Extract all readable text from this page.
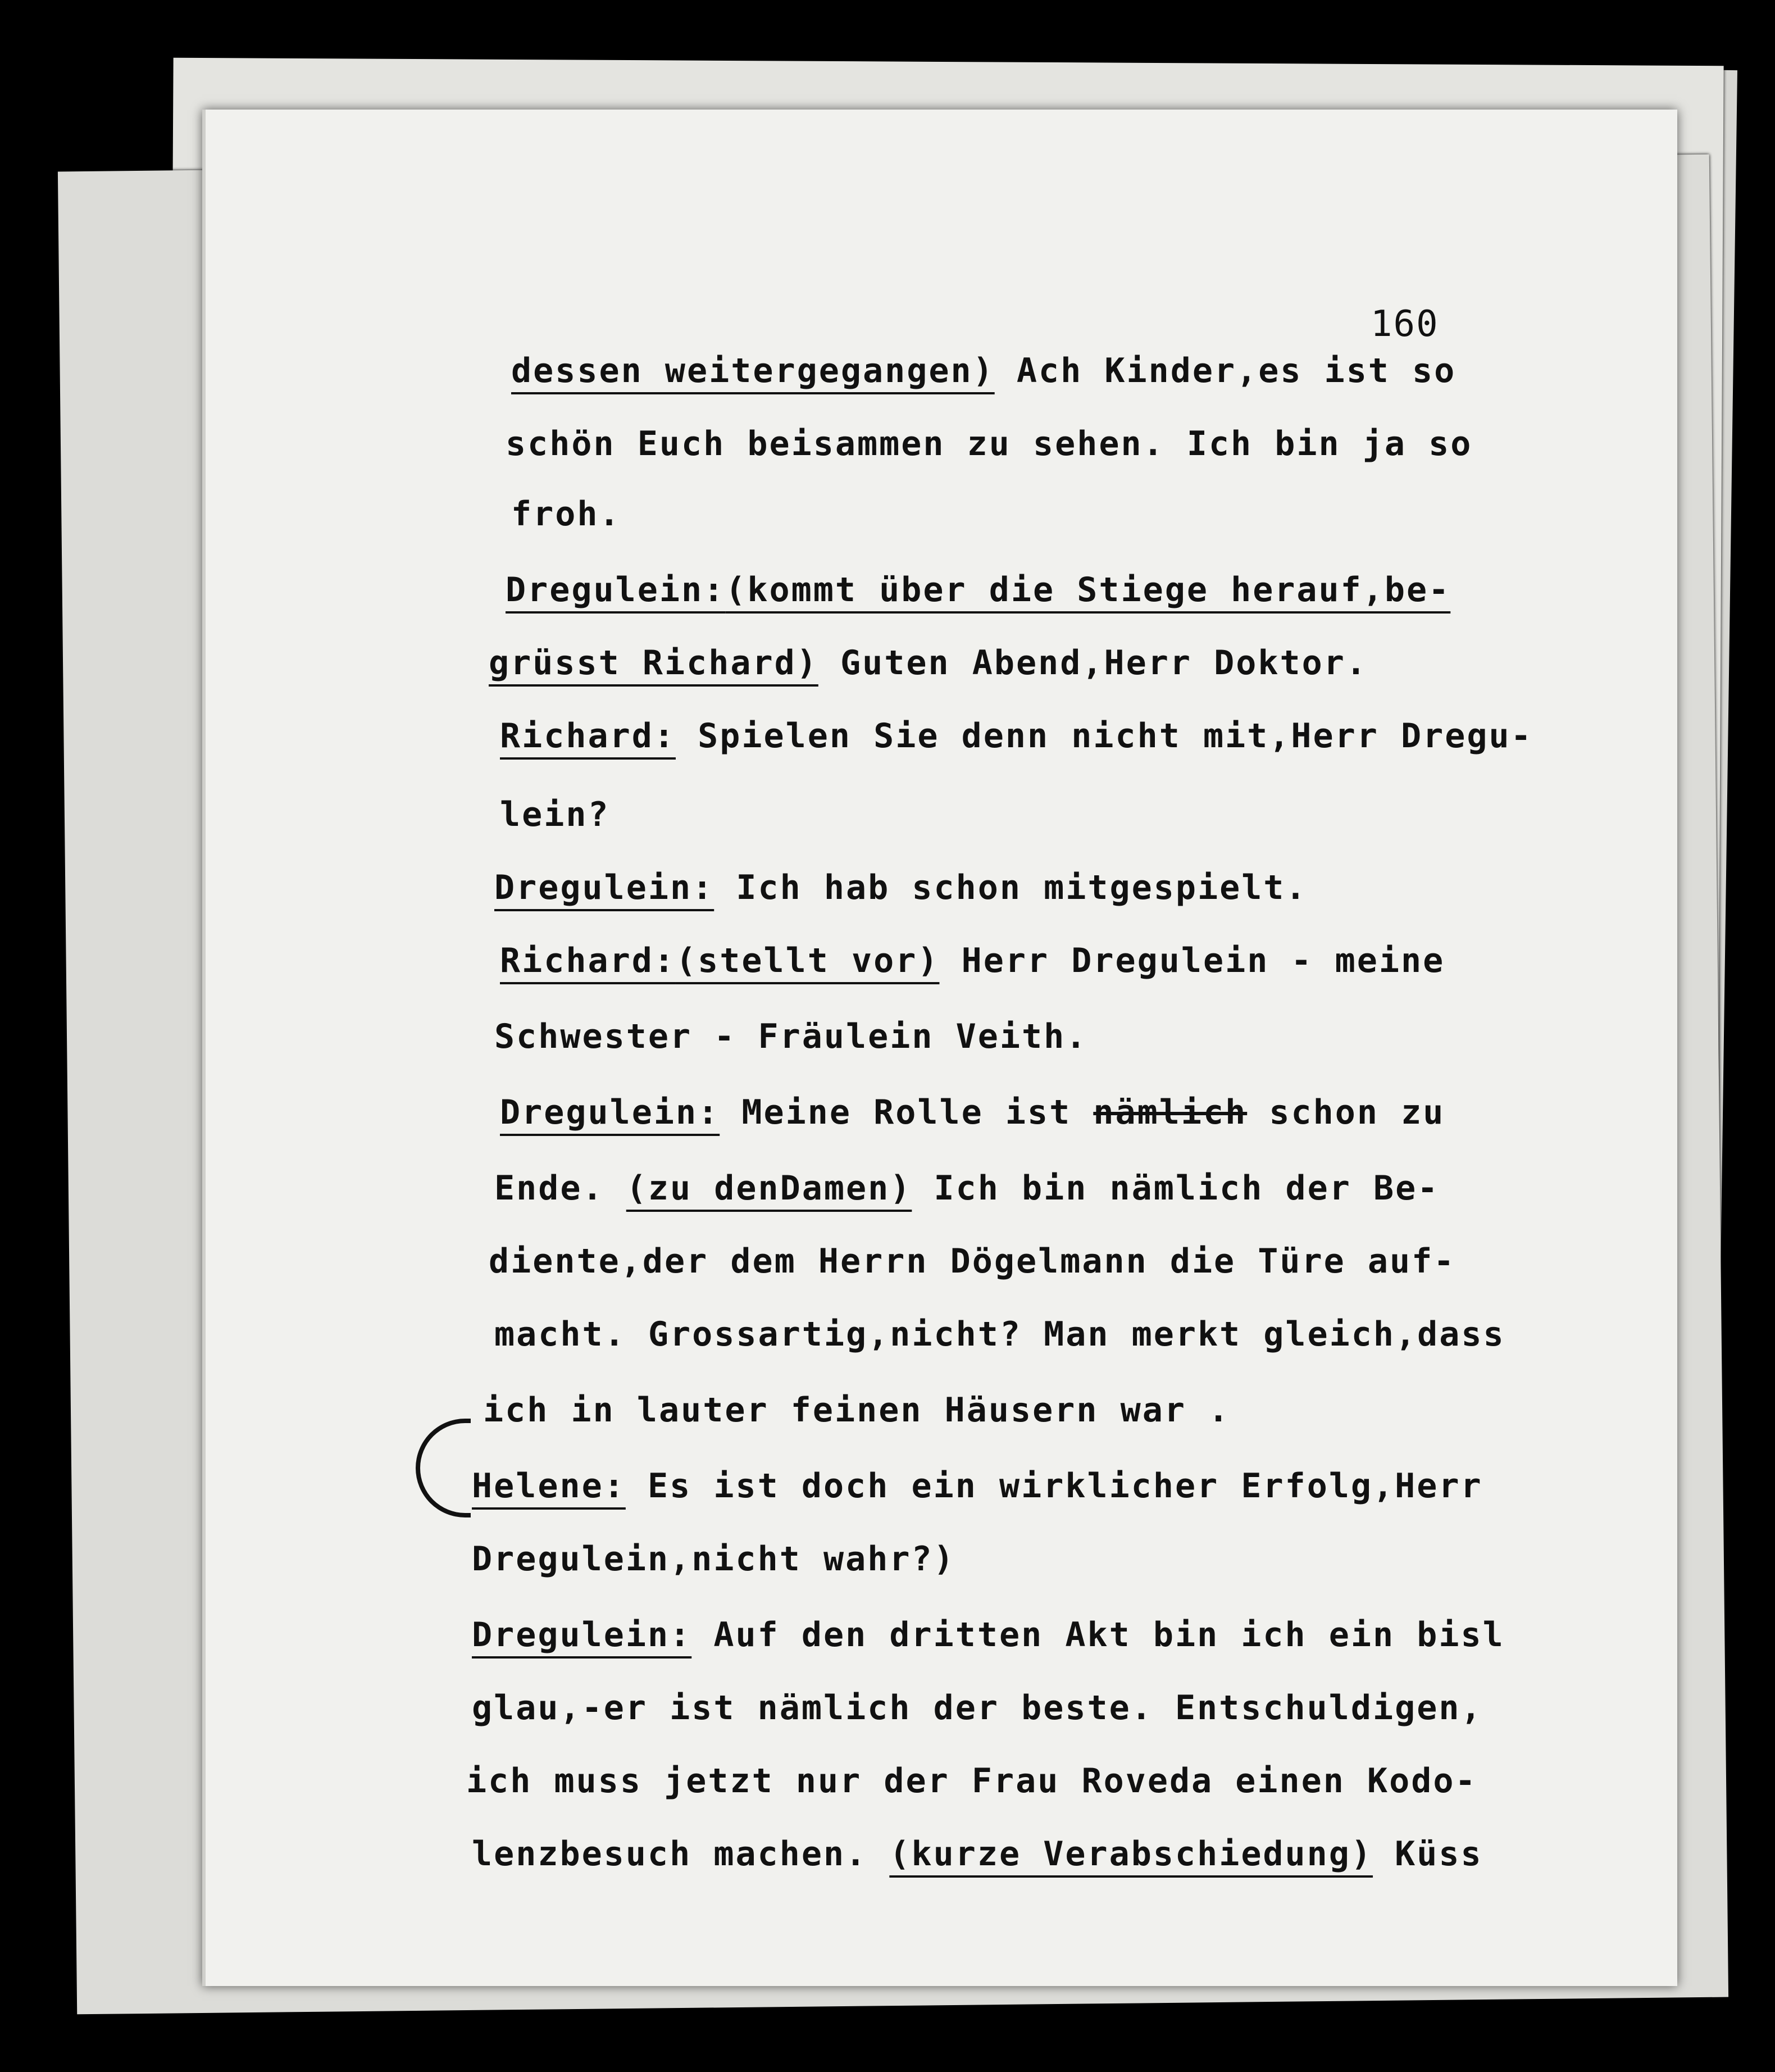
160
dessen weitergegangen) Ach Kinder,es ist so
schön Euch beisammen zu sehen. Ich bin ja so
froh.
Dregulein:(kommt über die Stiege herauf,be-
grüsst Richard) Guten Abend,Herr Doktor.
Richard: Spielen Sie denn nicht mit,Herr Dregu-
lein?
Dregulein: Ich hab schon mitgespielt.
Richard:(stellt vor) Herr Dregulein - meine
Schwester - Fräulein Veith.
Dregulein: Meine Rolle ist nämlich schon zu
Ende. (zu denDamen) Ich bin nämlich der Be-
diente,der dem Herrn Dögelmann die Türe auf-
macht. Grossartig,nicht? Man merkt gleich,dass
ich in lauter feinen Häusern war .
Helene: Es ist doch ein wirklicher Erfolg,Herr
Dregulein,nicht wahr?)
Dregulein: Auf den dritten Akt bin ich ein bisl
glau,-er ist nämlich der beste. Entschuldigen,
ich muss jetzt nur der Frau Roveda einen Kodo-
lenzbesuch machen. (kurze Verabschiedung) Küss
